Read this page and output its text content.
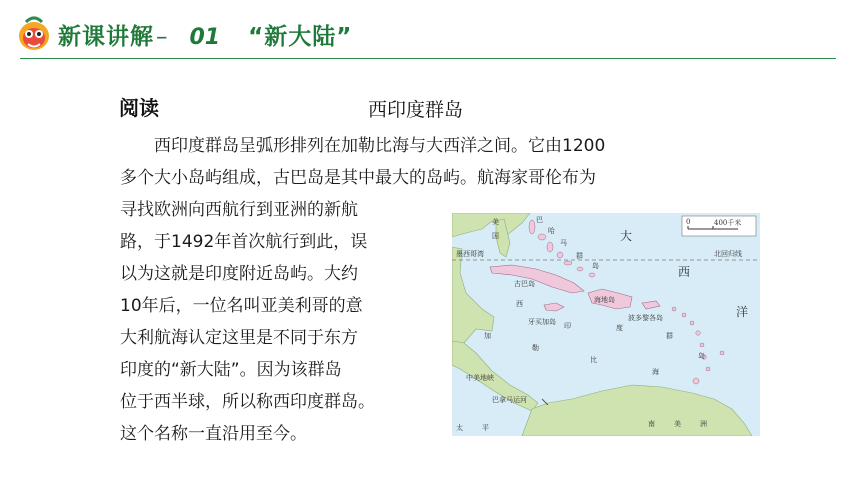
新课讲解 – 01 “新大陆”
阅读	西印度群岛

西印度群岛呈弧形排列在加勒比海与大西洋之间。它由1200
多个大小岛屿组成，古巴岛是其中最大的岛屿。航海家哥伦布为

寻找欧洲向西航行到亚洲的新航
路，于1492年首次航行到此，误
以为这就是印度附近岛屿。大约
10年后，一位名叫亚美利哥的意
大利航海认定这里是不同于东方
印度的“新大陆”。因为该群岛
位于西半球，所以称西印度群岛。
这个名称一直沿用至今。

0	400千米
北回归线
墨西哥湾
美
国
巴
哈
马
群
岛
大
西
洋
西
印	度
群
岛
加
勒
比
海
古巴岛
海地岛
牙买加岛	波多黎各岛
中美地峡
巴拿马运河
南	美	洲
太	平
